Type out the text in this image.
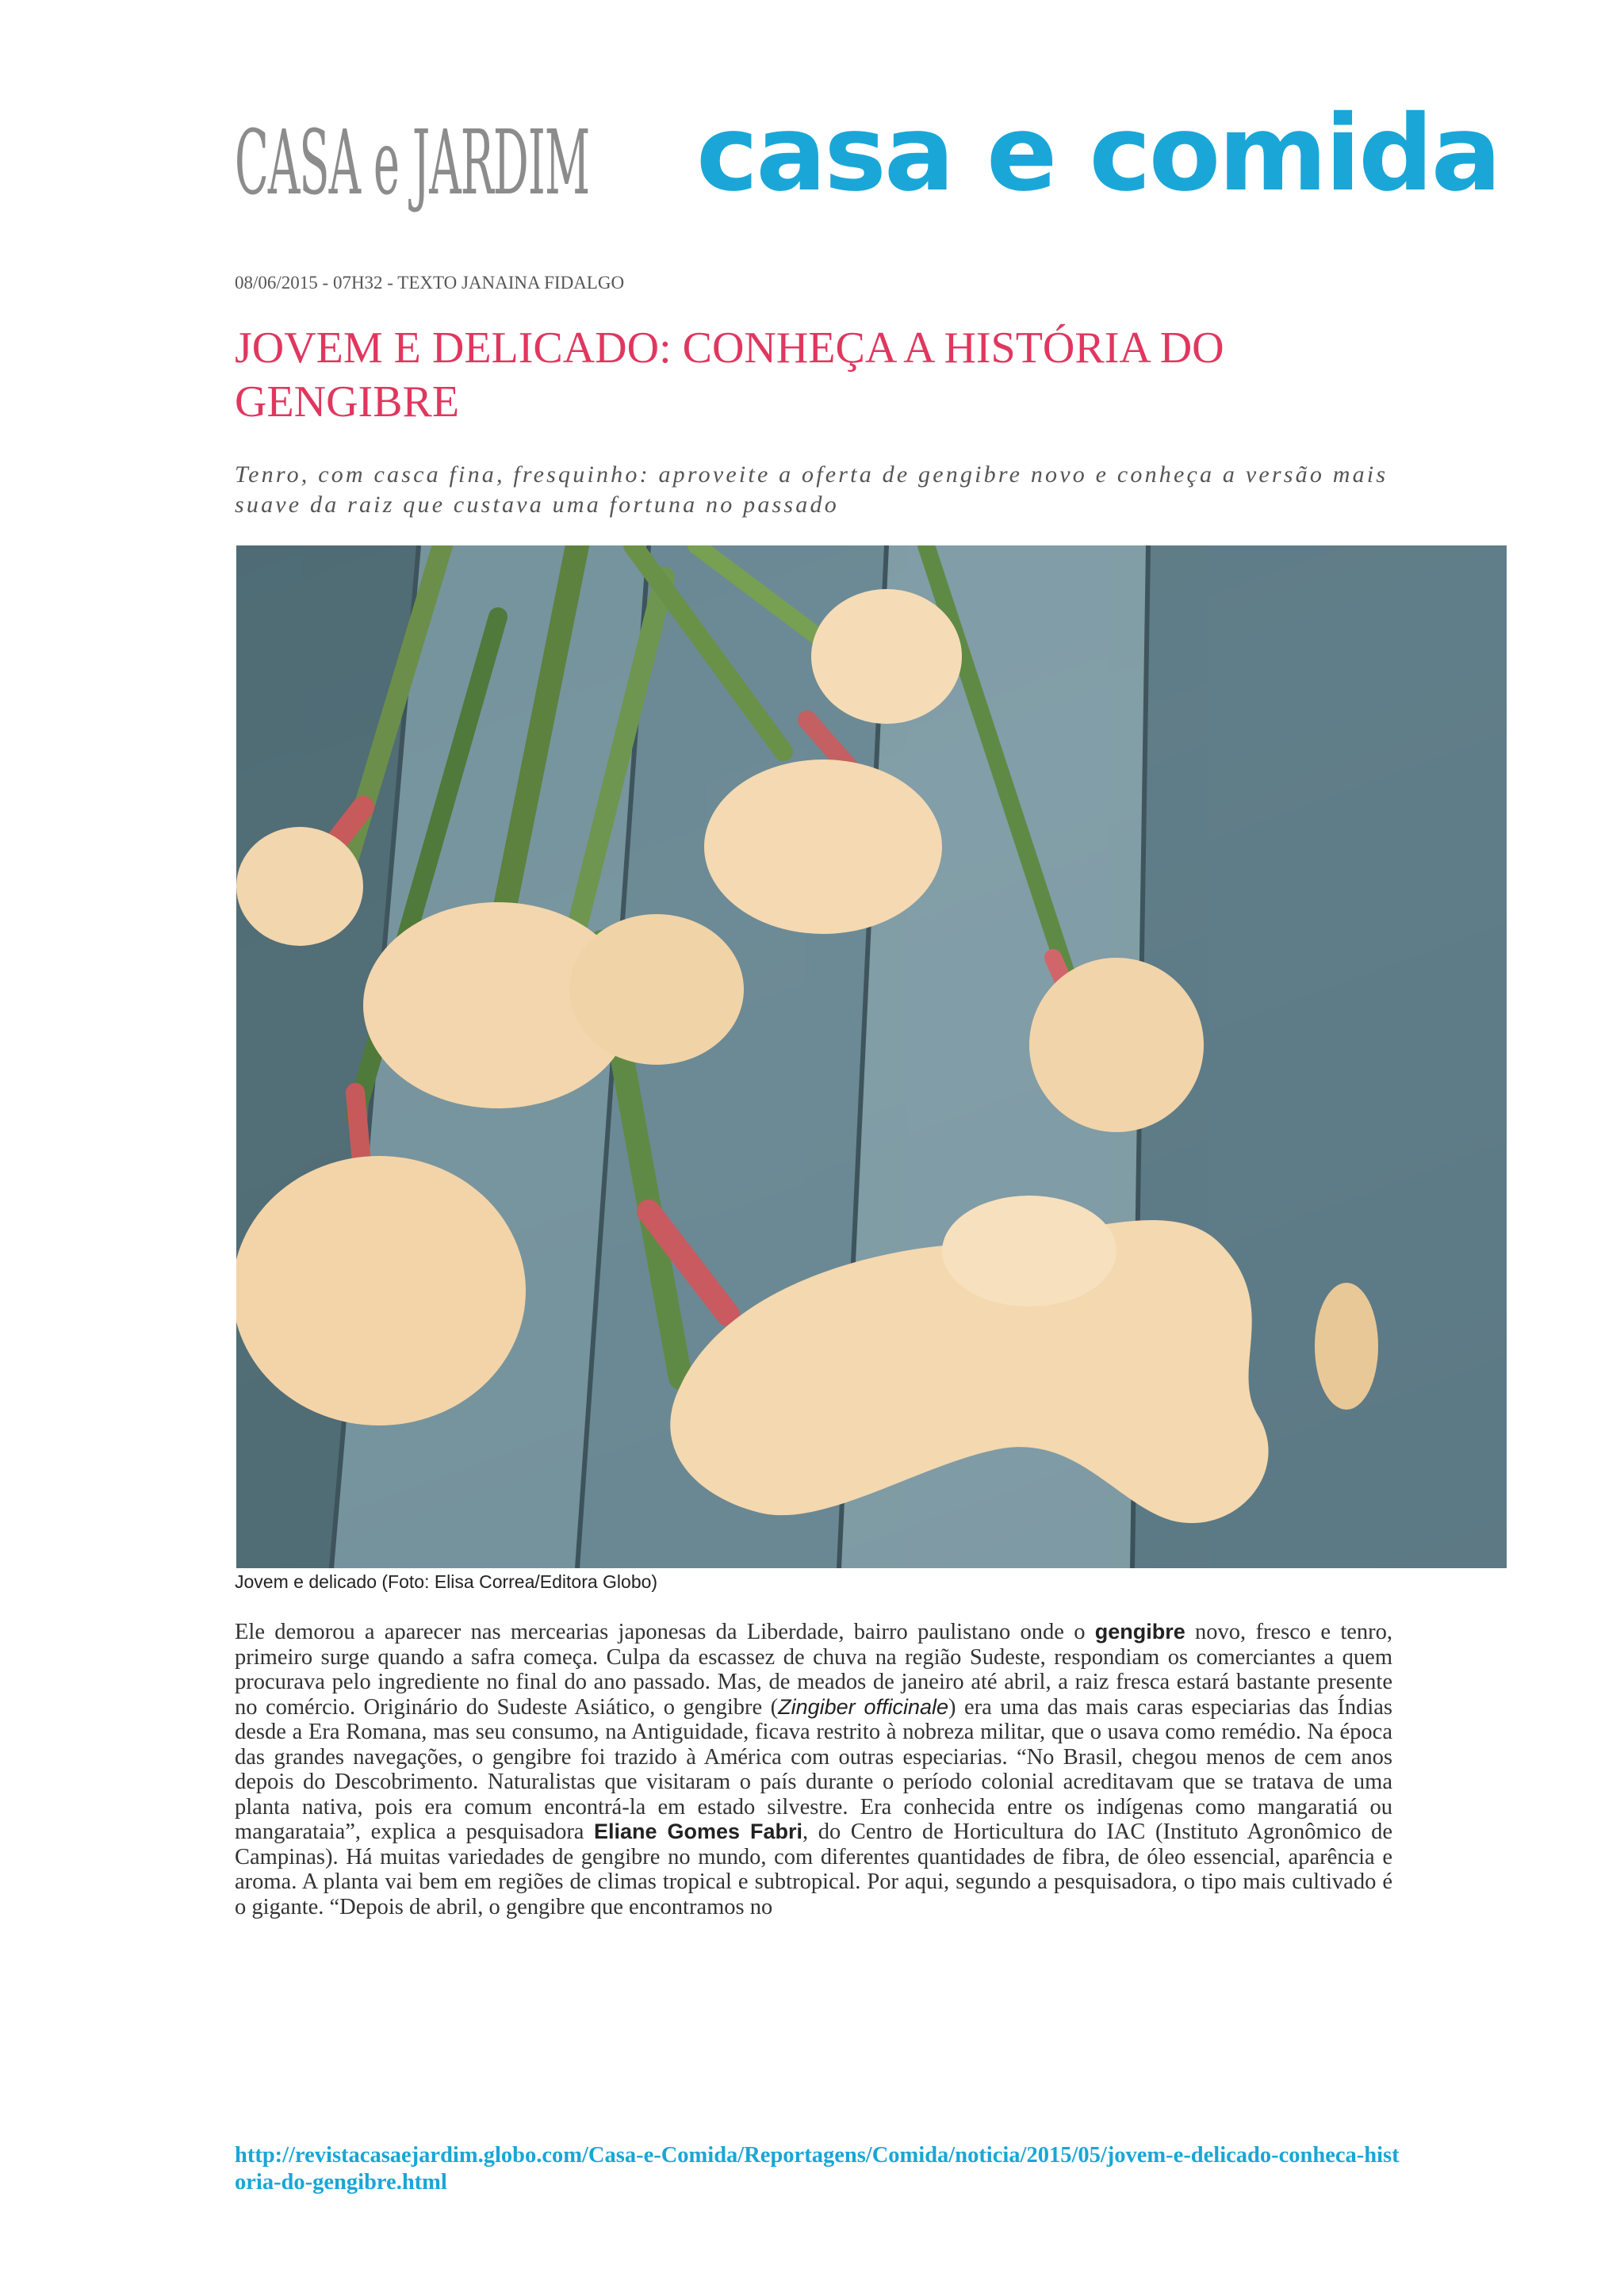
CASA e JARDIM casa e comida
08/06/2015 - 07H32 - TEXTO JANAINA FIDALGO
JOVEM E DELICADO: CONHEÇA A HISTÓRIA DO GENGIBRE

Tenro, com casca fina, fresquinho: aproveite a oferta de gengibre novo e conheça a versão mais suave da raiz que custava uma fortuna no passado

Jovem e delicado (Foto: Elisa Correa/Editora Globo)

Ele demorou a aparecer nas mercearias japonesas da Liberdade, bairro paulistano onde o gengibre novo, fresco e tenro, primeiro surge quando a safra começa. Culpa da escassez de chuva na região Sudeste, respondiam os comerciantes a quem procurava pelo ingrediente no final do ano passado. Mas, de meados de janeiro até abril, a raiz fresca estará bastante presente no comércio. Originário do Sudeste Asiático, o gengibre (Zingiber officinale) era uma das mais caras especiarias das Índias desde a Era Romana, mas seu consumo, na Antiguidade, ficava restrito à nobreza militar, que o usava como remédio. Na época das grandes navegações, o gengibre foi trazido à América com outras especiarias. “No Brasil, chegou menos de cem anos depois do Descobrimento. Naturalistas que visitaram o país durante o período colonial acreditavam que se tratava de uma planta nativa, pois era comum encontrá-la em estado silvestre. Era conhecida entre os indígenas como mangaratiá ou mangarataia”, explica a pesquisadora Eliane Gomes Fabri, do Centro de Horticultura do IAC (Instituto Agronômico de Campinas). Há muitas variedades de gengibre no mundo, com diferentes quantidades de fibra, de óleo essencial, aparência e aroma. A planta vai bem em regiões de climas tropical e subtropical. Por aqui, segundo a pesquisadora, o tipo mais cultivado é o gigante. “Depois de abril, o gengibre que encontramos no

http://revistacasaejardim.globo.com/Casa-e-Comida/Reportagens/Comida/noticia/2015/05/jovem-e-delicado-conheca-historia-do-gengibre.html
